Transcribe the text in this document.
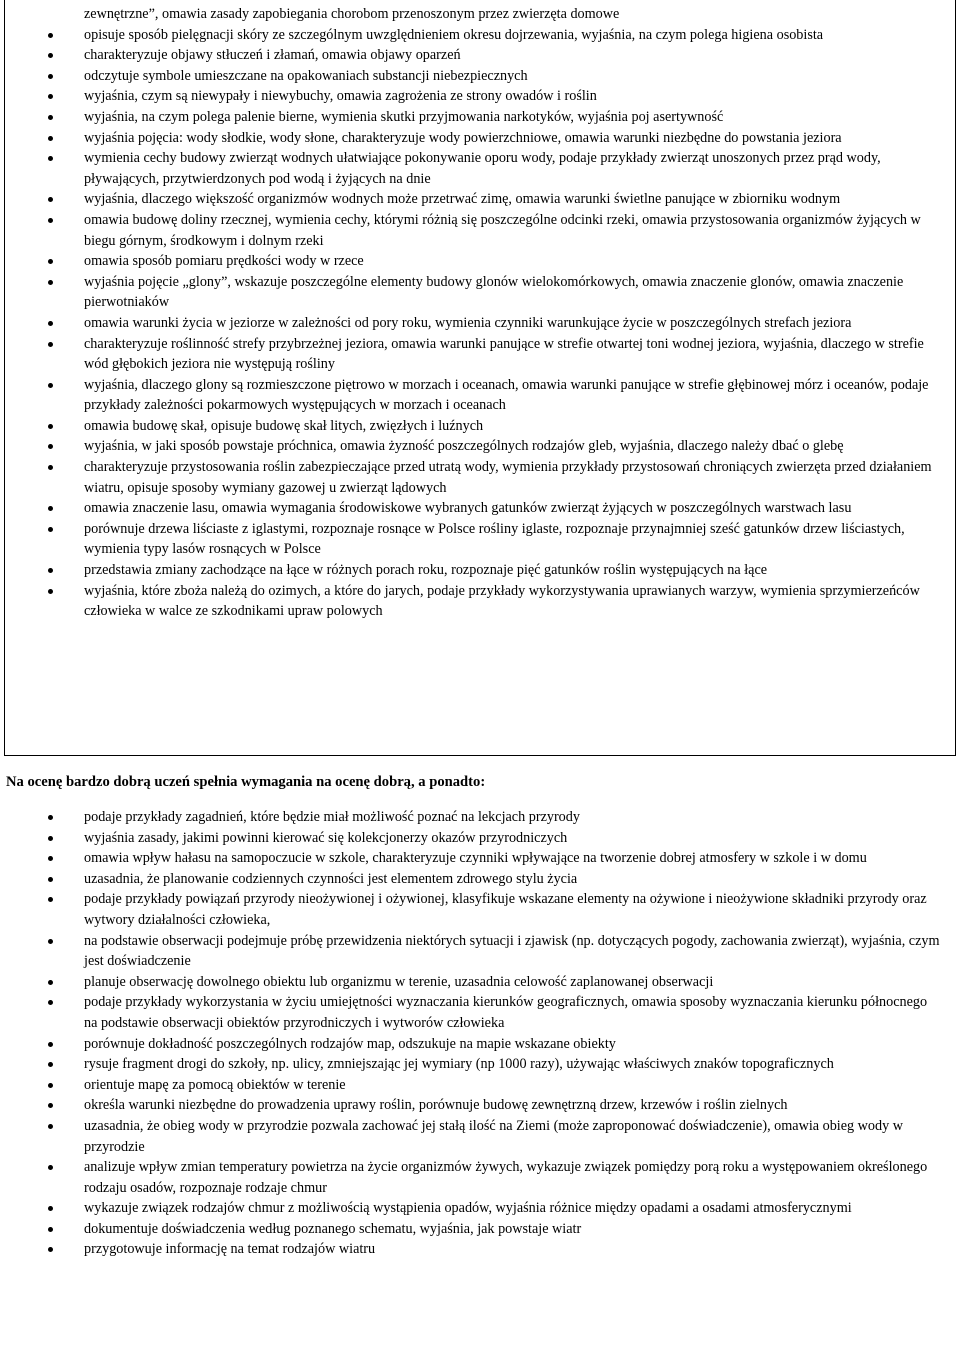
zewnętrzne”, omawia zasady zapobiegania chorobom przenoszonym przez zwierzęta domowe
opisuje sposób pielęgnacji skóry ze szczególnym uwzględnieniem okresu dojrzewania, wyjaśnia, na czym polega higiena osobista
charakteryzuje objawy stłuczeń i złamań, omawia objawy oparzeń
odczytuje symbole umieszczane na opakowaniach substancji niebezpiecznych
wyjaśnia, czym są niewypały i niewybuchy, omawia zagrożenia ze strony owadów i roślin
wyjaśnia, na czym polega palenie bierne, wymienia skutki przyjmowania narkotyków, wyjaśnia poj asertywność
wyjaśnia pojęcia: wody słodkie, wody słone, charakteryzuje wody powierzchniowe, omawia warunki niezbędne do powstania jeziora
wymienia cechy budowy zwierząt wodnych ułatwiające pokonywanie oporu wody, podaje przykłady zwierząt unoszonych przez prąd wody, pływających, przytwierdzonych pod wodą i żyjących na dnie
wyjaśnia, dlaczego większość organizmów wodnych może przetrwać zimę, omawia warunki świetlne panujące w zbiorniku wodnym
omawia budowę doliny rzecznej, wymienia cechy, którymi różnią się poszczególne odcinki rzeki, omawia przystosowania organizmów żyjących w biegu górnym, środkowym i dolnym rzeki
omawia sposób pomiaru prędkości wody w rzece
wyjaśnia pojęcie „glony”, wskazuje poszczególne elementy budowy glonów wielokomórkowych, omawia znaczenie glonów, omawia znaczenie pierwotniaków
omawia warunki życia w jeziorze w zależności od pory roku, wymienia czynniki warunkujące życie w poszczególnych strefach jeziora
charakteryzuje roślinność strefy przybrzeżnej jeziora, omawia warunki panujące w strefie otwartej toni wodnej jeziora, wyjaśnia, dlaczego w strefie wód głębokich jeziora nie występują rośliny
wyjaśnia, dlaczego glony są rozmieszczone piętrowo w morzach i oceanach, omawia warunki panujące w strefie głębinowej mórz i oceanów, podaje przykłady zależności pokarmowych występujących w morzach i oceanach
omawia budowę skał, opisuje budowę skał litych, zwięzłych i luźnych
wyjaśnia, w jaki sposób powstaje próchnica, omawia żyzność poszczególnych rodzajów gleb, wyjaśnia, dlaczego należy dbać o glebę
charakteryzuje przystosowania roślin zabezpieczające przed utratą wody, wymienia przykłady przystosowań chroniących zwierzęta przed działaniem wiatru, opisuje sposoby wymiany gazowej u zwierząt lądowych
omawia znaczenie lasu, omawia wymagania środowiskowe wybranych gatunków zwierząt żyjących w poszczególnych warstwach lasu
porównuje drzewa liściaste z iglastymi, rozpoznaje rosnące w Polsce rośliny iglaste, rozpoznaje przynajmniej sześć gatunków drzew liściastych, wymienia typy lasów rosnących w Polsce
przedstawia zmiany zachodzące na łące w różnych porach roku, rozpoznaje pięć gatunków roślin występujących na łące
wyjaśnia, które zboża należą do ozimych, a które do jarych, podaje przykłady wykorzystywania uprawianych warzyw, wymienia sprzymierzeńców człowieka w walce ze szkodnikami upraw polowych
Na ocenę bardzo dobrą uczeń spełnia wymagania na ocenę dobrą, a ponadto:
podaje przykłady zagadnień, które będzie miał możliwość poznać na lekcjach przyrody
wyjaśnia zasady, jakimi powinni kierować się kolekcjonerzy okazów przyrodniczych
omawia wpływ hałasu na samopoczucie w szkole, charakteryzuje czynniki wpływające na tworzenie dobrej atmosfery w szkole i w domu
uzasadnia, że planowanie codziennych czynności jest elementem zdrowego stylu życia
podaje przykłady powiązań przyrody nieożywionej i ożywionej, klasyfikuje wskazane elementy na ożywione i nieożywione składniki przyrody oraz wytwory działalności człowieka,
na podstawie obserwacji podejmuje próbę przewidzenia niektórych sytuacji i zjawisk (np. dotyczących pogody, zachowania zwierząt), wyjaśnia, czym jest doświadczenie
planuje obserwację dowolnego obiektu lub organizmu w terenie, uzasadnia celowość zaplanowanej obserwacji
podaje przykłady wykorzystania w życiu umiejętności wyznaczania kierunków geograficznych, omawia sposoby wyznaczania kierunku północnego na podstawie obserwacji obiektów przyrodniczych i wytworów człowieka
porównuje dokładność poszczególnych rodzajów map, odszukuje na mapie wskazane obiekty
rysuje fragment drogi do szkoły, np. ulicy, zmniejszając jej wymiary (np 1000 razy), używając właściwych znaków topograficznych
orientuje mapę za pomocą obiektów w terenie
określa warunki niezbędne do prowadzenia uprawy roślin, porównuje budowę zewnętrzną drzew, krzewów i roślin zielnych
uzasadnia, że obieg wody w przyrodzie pozwala zachować jej stałą ilość na Ziemi (może zaproponować doświadczenie), omawia obieg wody w przyrodzie
analizuje wpływ zmian temperatury powietrza na życie organizmów żywych, wykazuje związek pomiędzy porą roku a występowaniem określonego rodzaju osadów, rozpoznaje rodzaje chmur
wykazuje związek rodzajów chmur z możliwością wystąpienia opadów, wyjaśnia różnice między opadami a osadami atmosferycznymi
dokumentuje doświadczenia według poznanego schematu, wyjaśnia, jak powstaje wiatr
przygotowuje informację na temat rodzajów wiatru
